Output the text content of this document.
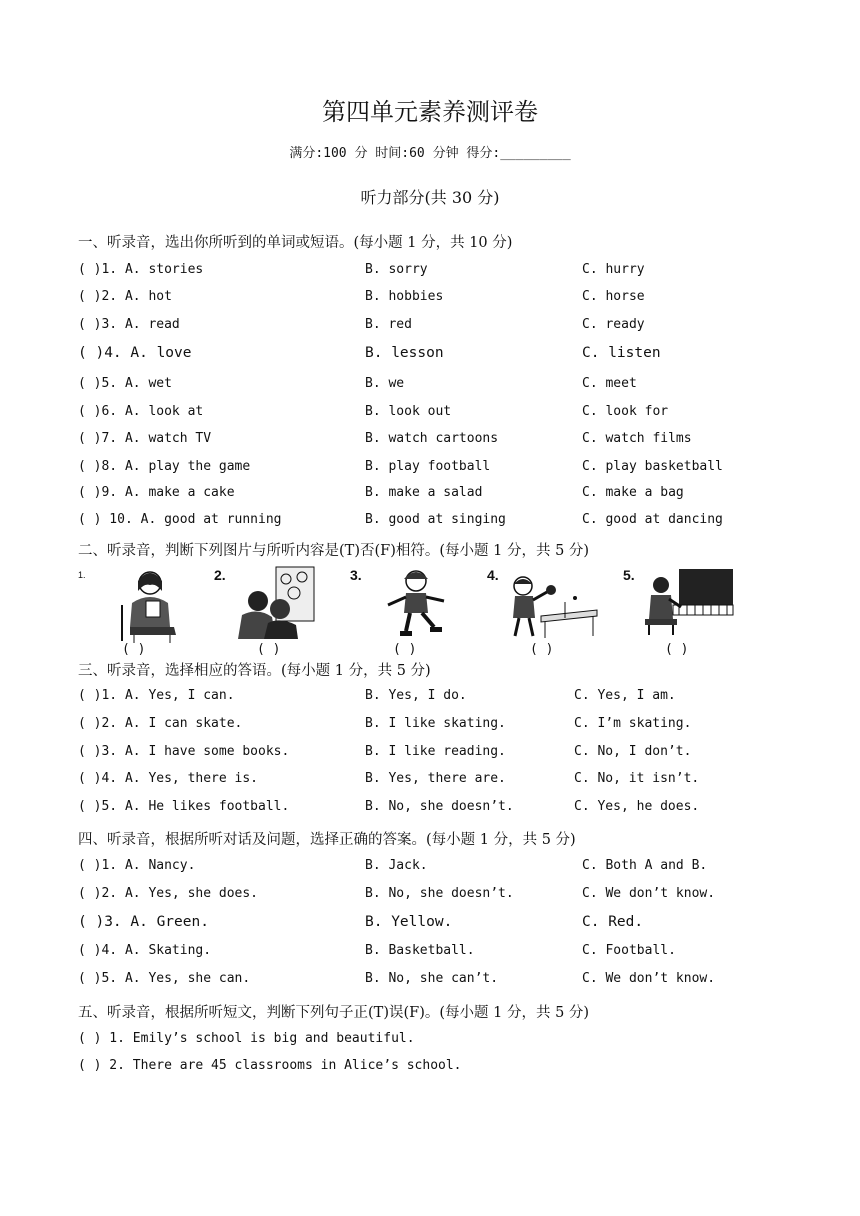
第四单元素养测评卷
满分:100 分 时间:60 分钟 得分:_________
听力部分(共 30 分)
一、听录音，选出你所听到的单词或短语。(每小题 1 分，共 10 分)
( )1. A. stories	B. sorry	C. hurry
( )2. A. hot	B. hobbies	C. horse
( )3. A. read	B. red	C. ready
( )4. A. love	B. lesson	C. listen
( )5. A. wet	B. we	C. meet
( )6. A. look at	B. look out	C. look for
( )7. A. watch TV	B. watch cartoons	C. watch films
( )8. A. play the game	B. play football	C. play basketball
( )9. A. make a cake	B. make a salad	C. make a bag
( ) 10. A. good at running	B. good at singing	C. good at dancing
二、听录音，判断下列图片与所听内容是(T)否(F)相符。(每小题 1 分，共 5 分)
1.
( )
2.
( )
3.
( )
4.
( )
5.
( )
三、听录音，选择相应的答语。(每小题 1 分，共 5 分)
( )1. A. Yes, I can.	B. Yes, I do.	C. Yes, I am.
( )2. A. I can skate.	B. I like skating.	C. I’m skating.
( )3. A. I have some books.	B. I like reading.	C. No, I don’t.
( )4. A. Yes, there is.	B. Yes, there are.	C. No, it isn’t.
( )5. A. He likes football.	B. No, she doesn’t.	C. Yes, he does.
四、听录音，根据所听对话及问题，选择正确的答案。(每小题 1 分，共 5 分)
( )1. A. Nancy.	B. Jack.	C. Both A and B.
( )2. A. Yes, she does.	B. No, she doesn’t.	C. We don’t know.
( )3. A. Green.	B. Yellow.	C. Red.
( )4. A. Skating.	B. Basketball.	C. Football.
( )5. A. Yes, she can.	B. No, she can’t.	C. We don’t know.
五、听录音，根据所听短文，判断下列句子正(T)误(F)。(每小题 1 分，共 5 分)
( ) 1. Emily’s school is big and beautiful.
( ) 2. There are 45 classrooms in Alice’s school.
